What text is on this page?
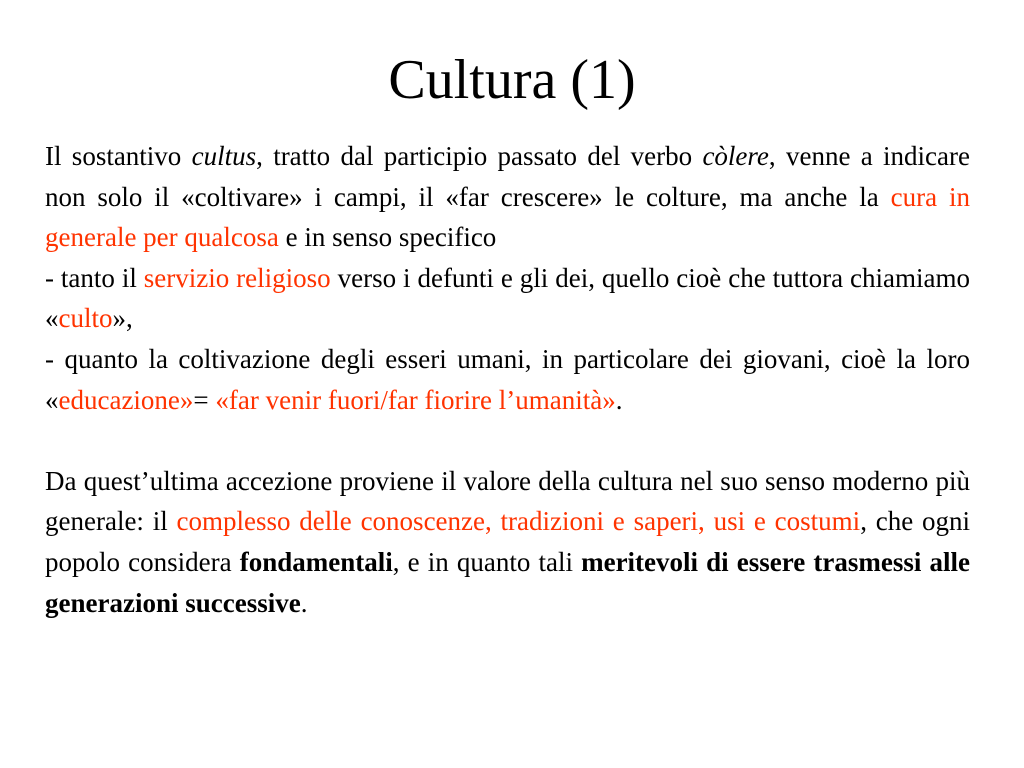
Cultura (1)

Il sostantivo cultus, tratto dal participio passato del verbo còlere, venne a indicare non solo il «coltivare» i campi, il «far crescere» le colture, ma anche la cura in generale per qualcosa e in senso specifico

- tanto il servizio religioso verso i defunti e gli dei, quello cioè che tuttora chiamiamo «culto»,

- quanto la coltivazione degli esseri umani, in particolare dei giovani, cioè la loro «educazione»= «far venir fuori/far fiorire l’umanità».

Da quest’ultima accezione proviene il valore della cultura nel suo senso moderno più generale: il complesso delle conoscenze, tradizioni e saperi, usi e costumi, che ogni popolo considera fondamentali, e in quanto tali meritevoli di essere trasmessi alle generazioni successive.
